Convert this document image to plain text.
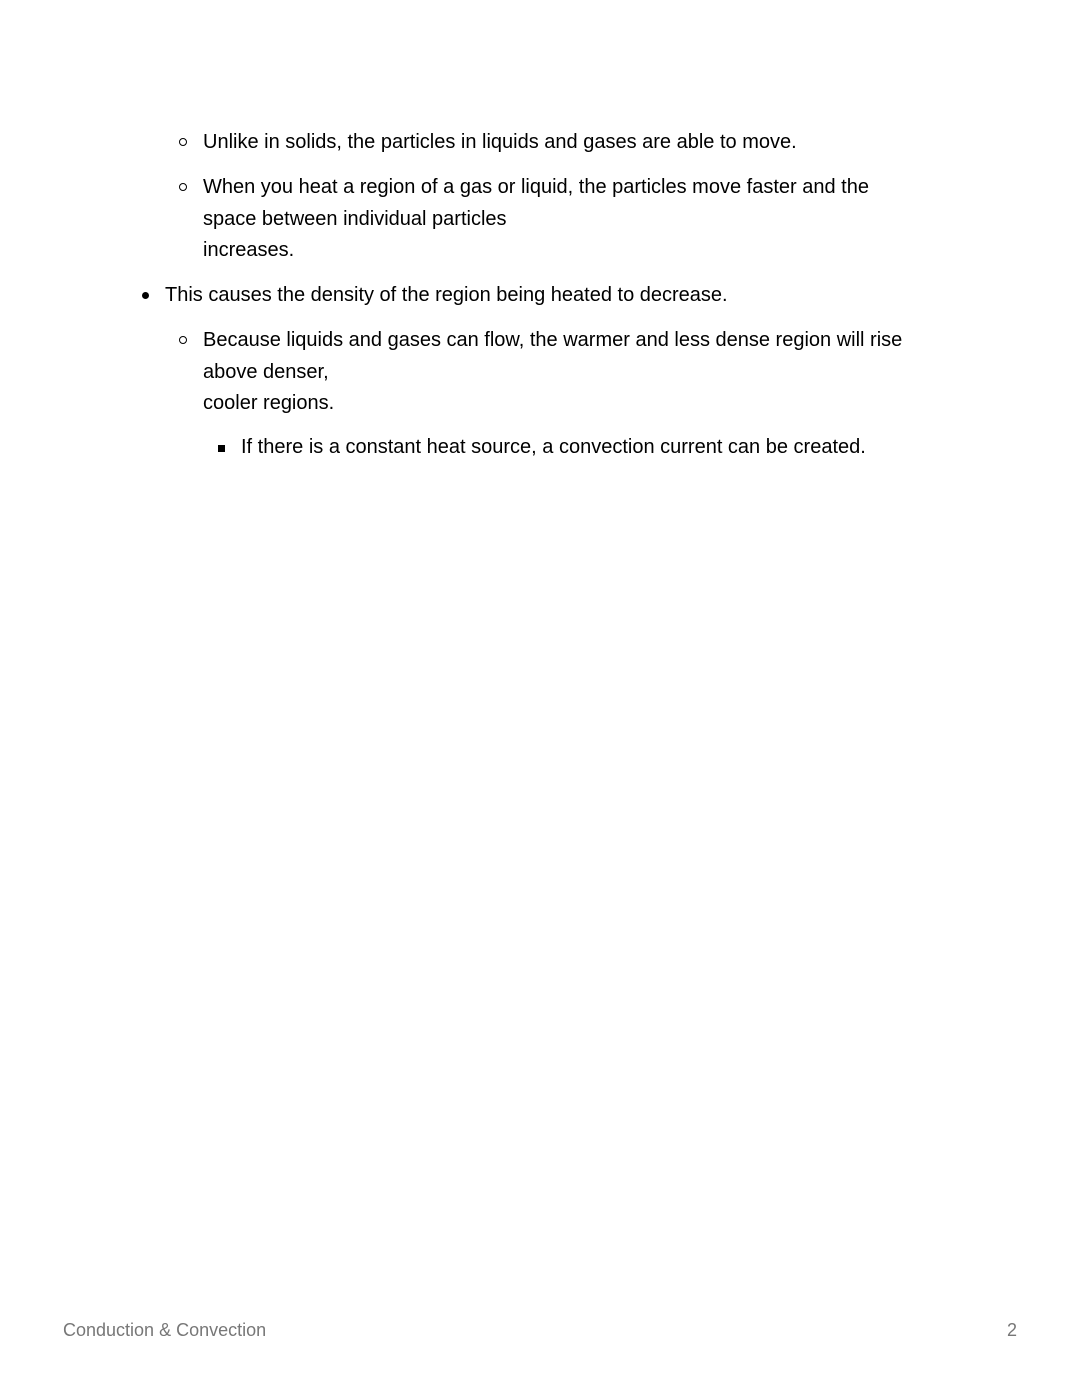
Unlike in solids, the particles in liquids and gases are able to move.
When you heat a region of a gas or liquid, the particles move faster and the
space between individual particles
increases.
This causes the density of the region being heated to decrease.
Because liquids and gases can flow, the warmer and less dense region will rise
above denser,
cooler regions.
If there is a constant heat source, a convection current can be created.
Conduction & Convection	2
